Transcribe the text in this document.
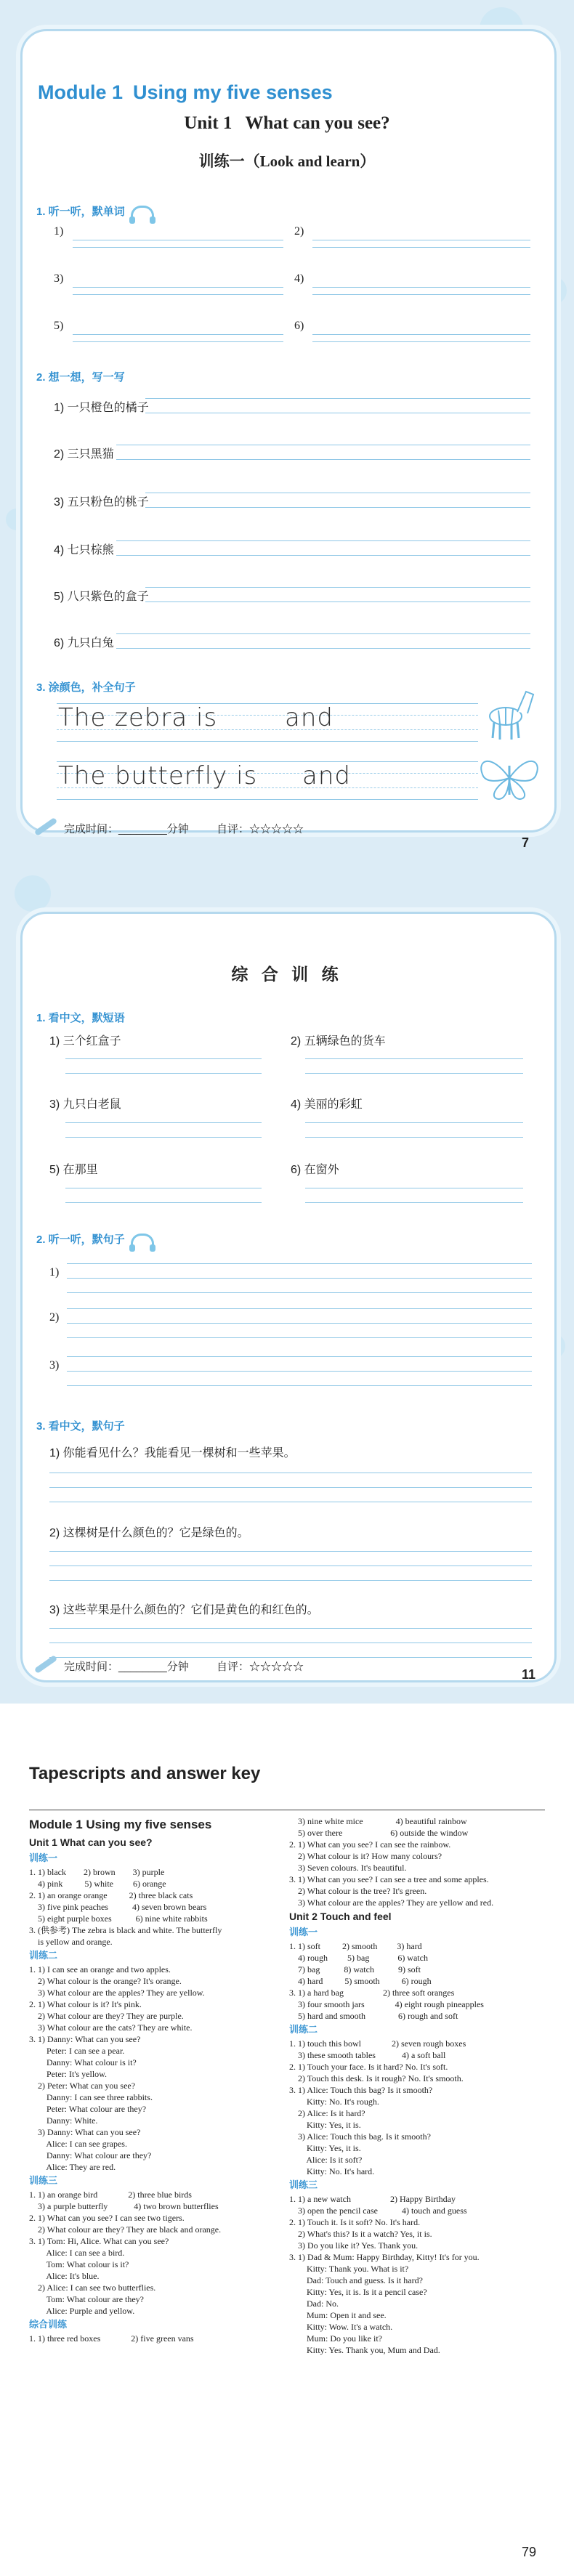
Module 1 Using my five senses
Unit 1 What can you see?
训练一（Look and learn）
1. 听一听，默单词
1)	2)
3)	4)
5)	6)
2. 想一想，写一写
1) 一只橙色的橘子
2) 三只黑猫
3) 五只粉色的桃子
4) 七只棕熊
5) 八只紫色的盒子
6) 九只白兔
3. 涂颜色，补全句子
The zebra is	and
The butterfly is and
完成时间：________分钟	自评：☆☆☆☆☆
7
综 合 训 练
1. 看中文，默短语
1) 三个红盒子	2) 五辆绿色的货车
3) 九只白老鼠	4) 美丽的彩虹
5) 在那里	6) 在窗外
2. 听一听，默句子
1)
2)
3)
3. 看中文，默句子
1) 你能看见什么？我能看见一棵树和一些苹果。
2) 这棵树是什么颜色的？它是绿色的。
3) 这些苹果是什么颜色的？它们是黄色的和红色的。
完成时间：________分钟	自评：☆☆☆☆☆
11
Tapescripts and answer key
Module 1 Using my five senses
Unit 1 What can you see?
训练一
1. 1) black        2) brown        3) purple
4) pink          5) white         6) orange
2. 1) an orange orange          2) three black cats
3) five pink peaches           4) seven brown bears
5) eight purple boxes           6) nine white rabbits
3. (供参考) The zebra is black and white. The butterfly
is yellow and orange.
训练二
1. 1) I can see an orange and two apples.
2) What colour is the orange? It's orange.
3) What colour are the apples? They are yellow.
2. 1) What colour is it? It's pink.
2) What colour are they? They are purple.
3) What colour are the cats? They are white.
3. 1) Danny: What can you see?
Peter: I can see a pear.
Danny: What colour is it?
Peter: It's yellow.
2) Peter: What can you see?
Danny: I can see three rabbits.
Peter: What colour are they?
Danny: White.
3) Danny: What can you see?
Alice: I can see grapes.
Danny: What colour are they?
Alice: They are red.
训练三
1. 1) an orange bird              2) three blue birds
3) a purple butterfly            4) two brown butterflies
2. 1) What can you see? I can see two tigers.
2) What colour are they? They are black and orange.
3. 1) Tom: Hi, Alice. What can you see?
Alice: I can see a bird.
Tom: What colour is it?
Alice: It's blue.
2) Alice: I can see two butterflies.
Tom: What colour are they?
Alice: Purple and yellow.
综合训练
1. 1) three red boxes              2) five green vans
3) nine white mice               4) beautiful rainbow
5) over there                      6) outside the window
2. 1) What can you see? I can see the rainbow.
2) What colour is it? How many colours?
3) Seven colours. It's beautiful.
3. 1) What can you see? I can see a tree and some apples.
2) What colour is the tree? It's green.
3) What colour are the apples? They are yellow and red.
Unit 2 Touch and feel
训练一
1. 1) soft          2) smooth         3) hard
4) rough         5) bag             6) watch
7) bag           8) watch           9) soft
4) hard          5) smooth          6) rough
3. 1) a hard bag                  2) three soft oranges
3) four smooth jars              4) eight rough pineapples
5) hard and smooth               6) rough and soft
训练二
1. 1) touch this bowl              2) seven rough boxes
3) these smooth tables            4) a soft ball
2. 1) Touch your face. Is it hard? No. It's soft.
2) Touch this desk. Is it rough? No. It's smooth.
3. 1) Alice: Touch this bag? Is it smooth?
Kitty: No. It's rough.
2) Alice: Is it hard?
Kitty: Yes, it is.
3) Alice: Touch this bag. Is it smooth?
Kitty: Yes, it is.
Alice: Is it soft?
Kitty: No. It's hard.
训练三
1. 1) a new watch                  2) Happy Birthday
3) open the pencil case           4) touch and guess
2. 1) Touch it. Is it soft? No. It's hard.
2) What's this? Is it a watch? Yes, it is.
3) Do you like it? Yes. Thank you.
3. 1) Dad & Mum: Happy Birthday, Kitty! It's for you.
Kitty: Thank you. What is it?
Dad: Touch and guess. Is it hard?
Kitty: Yes, it is. Is it a pencil case?
Dad: No.
Mum: Open it and see.
Kitty: Wow. It's a watch.
Mum: Do you like it?
Kitty: Yes. Thank you, Mum and Dad.
79
